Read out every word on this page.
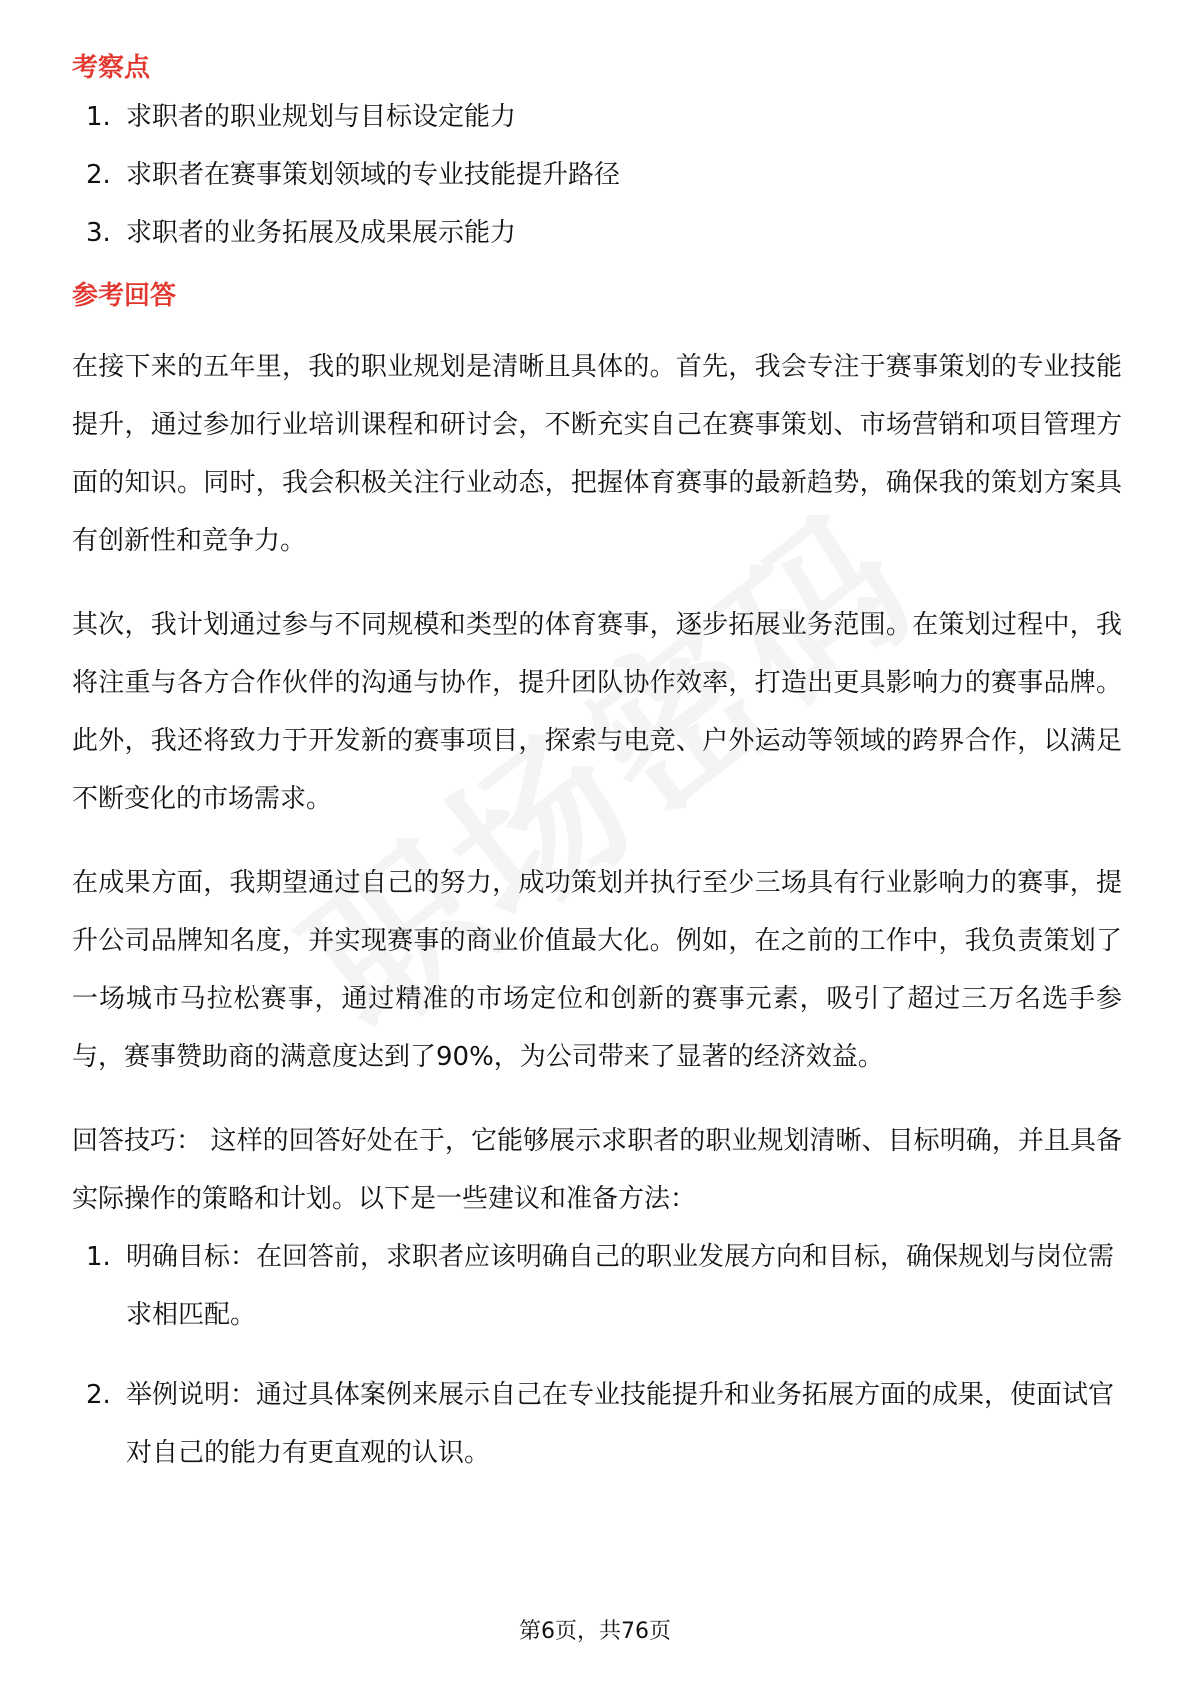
考察点
1. 求职者的职业规划与目标设定能力
2. 求职者在赛事策划领域的专业技能提升路径
3. 求职者的业务拓展及成果展示能力
参考回答

在接下来的五年里，我的职业规划是清晰且具体的。首先，我会专注于赛事策划的专业技能提升，通过参加行业培训课程和研讨会，不断充实自己在赛事策划、市场营销和项目管理方面的知识。同时，我会积极关注行业动态，把握体育赛事的最新趋势，确保我的策划方案具有创新性和竞争力。

其次，我计划通过参与不同规模和类型的体育赛事，逐步拓展业务范围。在策划过程中，我将注重与各方合作伙伴的沟通与协作，提升团队协作效率，打造出更具影响力的赛事品牌。此外，我还将致力于开发新的赛事项目，探索与电竞、户外运动等领域的跨界合作，以满足不断变化的市场需求。

在成果方面，我期望通过自己的努力，成功策划并执行至少三场具有行业影响力的赛事，提升公司品牌知名度，并实现赛事的商业价值最大化。例如，在之前的工作中，我负责策划了一场城市马拉松赛事，通过精准的市场定位和创新的赛事元素，吸引了超过三万名选手参与，赛事赞助商的满意度达到了90%，为公司带来了显著的经济效益。

回答技巧： 这样的回答好处在于，它能够展示求职者的职业规划清晰、目标明确，并且具备实际操作的策略和计划。以下是一些建议和准备方法：

1. 明确目标：在回答前，求职者应该明确自己的职业发展方向和目标，确保规划与岗位需求相匹配。
2. 举例说明：通过具体案例来展示自己在专业技能提升和业务拓展方面的成果，使面试官对自己的能力有更直观的认识。
第6页，共76页
